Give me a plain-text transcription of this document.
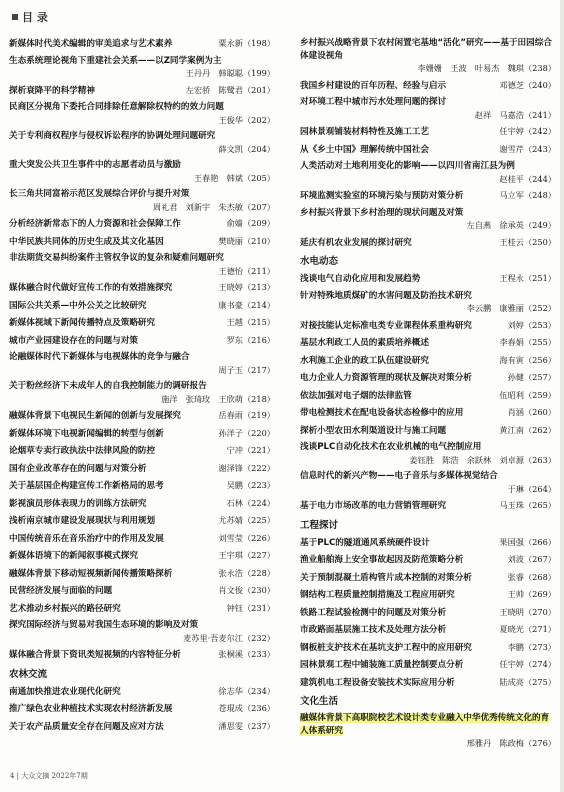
目 录
新媒体时代美术编辑的审美追求与艺术素养	粟永新（198）
生态系统理论视角下重建社会关系——以Z同学案例为主
王丹丹　韩聪聪（199）
探析衰降平的科学精神	左宏骄　陈鹭君（201）
民商区分视角下委托合同排除任意解除权特约的效力问题
王俊华（202）
关于专利商权程序与侵权诉讼程序的协调处理问题研究
薛文凯（204）
重大突发公共卫生事件中的志愿者动员与激励
王春艳　韩斌（205）
长三角共同富裕示范区发展综合评价与提升对策
周礼君　刘新宇　朱杰敏（207）
分析经济新常态下的人力资源和社会保障工作	俞嫱（209）
中华民族共同体的历史生成及其文化基因	樊晓丽（210）
非法期货交易纠纷案件主管权争议的复杂和疑难问题研究
王德怡（211）
媒体融合时代做好宣传工作的有效措施探究	王晓婷（213）
国际公共关系—中外公关之比较研究	康书豪（214）
新媒体视域下新闻传播特点及策略研究	王越（215）
城市产业园建设存在的问题与对策	罗东（216）
论融媒体时代下新媒体与电视媒体的竞争与融合
周子玉（217）
关于粉丝经济下未成年人的自我控制能力的调研报告
施洋　张琦玫　王欣萌（218）
融媒体背景下电视民生新闻的创新与发展探究	岳春雨（219）
新媒体环境下电视新闻编辑的转型与创新	孙洋子（220）
论烟草专卖行政执法中法律风险的防控	宁冲（221）
国有企业改革存在的问题与对策分析	谢泽锋（222）
关于基层国企构建宣传工作新格局的思考	吴鹏（223）
影视演员形体表现力的训练方法研究	石林（224）
浅析南京城市建设发展现状与利用规划	尤苏婧（225）
中国传统音乐在音乐治疗中的作用及发展	刘雪莹（226）
新媒体语境下的新闻叙事模式探究	王宇琪（227）
融媒体背景下移动短视频新闻传播策略探析	张永浩（228）
民营经济发展与面临的问题	肖文俊（230）
艺术推动乡村振兴的路径研究	钟钰（231）
探究国际经济与贸易对我国生态环境的影响及对策
麦苏里·吾麦尔江（232）
媒体融合背景下资讯类短视频的内容特征分析	张桐溪（233）
农林交流
南通加快推进农业现代化研究	徐志华（234）
推广绿色农业种植技术实现农村经济新发展	苍琨成（236）
关于农产品质量安全存在问题及应对方法	潘思雯（237）
乡村振兴战略背景下农村闲置宅基地“活化”研究——基于田园综合体建设视角
李姗姗　王波　叶易杰　魏琪（238）
我国乡村建设的百年历程、经验与启示	邓德芝（240）
对环境工程中城市污水处理问题的探讨
赵祥　马嘉浩（241）
园林景观铺装材料特性及施工工艺	任宇婷（242）
从《乡土中国》理解传统中国社会	谢雪芹（243）
人类活动对土地利用变化的影响——以四川省南江县为例
赵桂平（244）
环境监测实验室的环境污染与预防对策分析	马立军（248）
乡村振兴背景下乡村治理的现状问题及对策
左自燕　徐承英（249）
延庆有机农业发展的探讨研究	王桂云（250）
水电动态
浅谈电气自动化应用和发展趋势	王程永（251）
针对特殊地质煤矿的水害问题及防治技术研究
李云鹏　康雅丽（252）
对接技能认定标准电类专业课程体系重构研究	刘婷（253）
基层水利政工人员的素质培养概述	李春娟（255）
水利施工企业的政工队伍建设研究	海有寅（256）
电力企业人力资源管理的现状及解决对策分析	孙健（257）
依法加强对电子烟的法律监管	伍昭利（259）
带电检测技术在配电设备状态检修中的应用	肖涵（260）
探析小型农田水利渠道设计与施工问题	黄江南（262）
浅谈PLC自动化技术在农业机械的电气控制应用
姜钰胜　陈浩　余跃林　刘卓源（263）
信息时代的新兴产物——电子音乐与多媒体视觉结合
于琳（264）
基于电力市场改革的电力营销管理研究	马玉珠（265）
工程探讨
基于PLC的隧道通风系统硬件设计	果国强（266）
渔业船舶海上安全事故起因及防范策略分析	刘波（267）
关于预制混凝土盾构管片成本控制的对策分析	张睿（268）
钢结构工程质量控制措施及工程应用研究	王帅（269）
铁路工程试验检测中的问题及对策分析	王晓明（270）
市政路面基层施工技术及处理方法分析	夏晓光（271）
钢板桩支护技术在基坑支护工程中的应用研究	李鹏（273）
园林景观工程中铺装施工质量控制要点分析	任宇婷（274）
建筑机电工程设备安装技术实际应用分析	陆成亮（275）
文化生活
融媒体背景下高职院校艺术设计类专业融入中华优秀传统文化的育人体系研究
邢雅丹　陈政梅（276）
4 | 大众文摘 2022年7期
